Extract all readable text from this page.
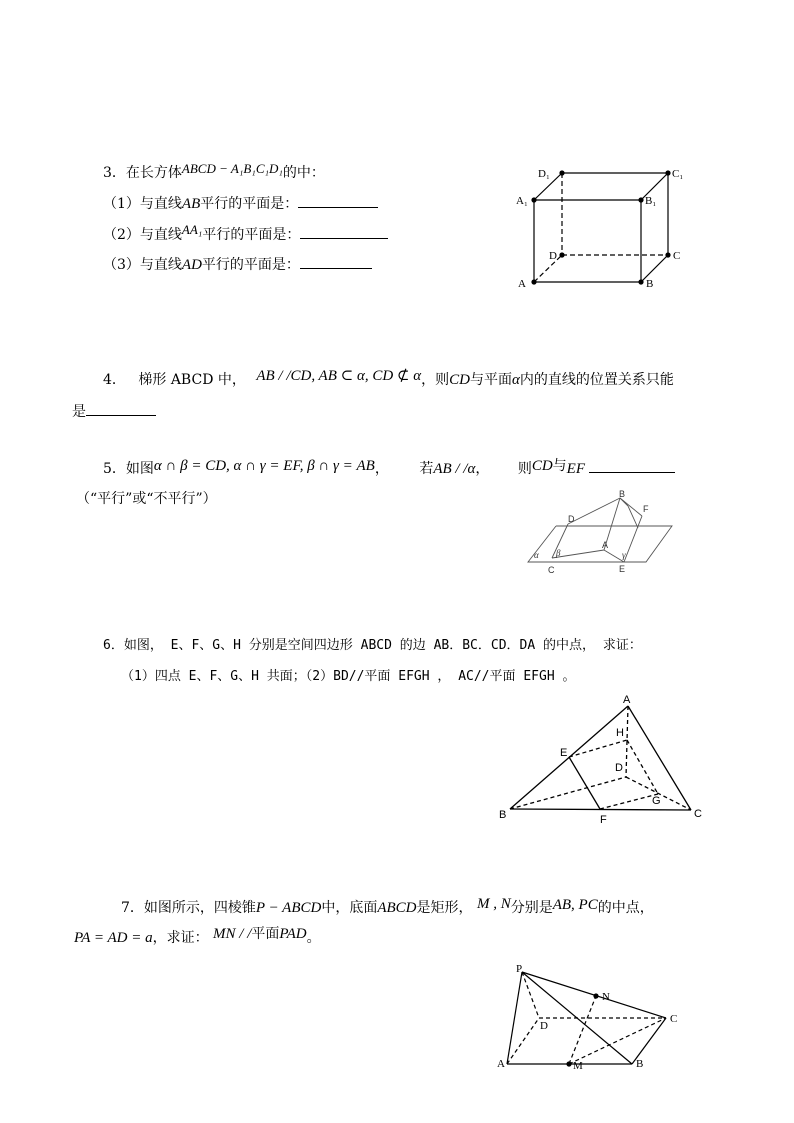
3．在长方体ABCD − A₁B₁C₁D₁的中：
（1）与直线AB平行的平面是：
（2）与直线AA₁平行的平面是：
（3）与直线AD平行的平面是：
D₁	C₁
A₁	B₁
D	C
A	B
4． 梯形 ABCD 中， AB / /CD, AB ⊂ α, CD ⊄ α，则CD与平面α内的直线的位置关系只能
是
5．如图α ∩ β = CD, α ∩ γ = EF, β ∩ γ = AB， 若AB / /α， 则CD与EF
（“平行”或“不平行”）	B
F
D
α β
A
γ
C	E
6．如图， E、F、G、H 分别是空间四边形 ABCD 的边 AB．BC．CD．DA 的中点， 求证：
（1）四点 E、F、G、H 共面；（2）BD//平面 EFGH ， AC//平面 EFGH 。
A
H
E
D
G
B	F	C
7．如图所示，四棱锥P − ABCD中，底面ABCD是矩形， M , N分别是AB, PC的中点，
PA = AD = a，求证： MN / /平面PAD。
P
N
D
C
A	M	B
